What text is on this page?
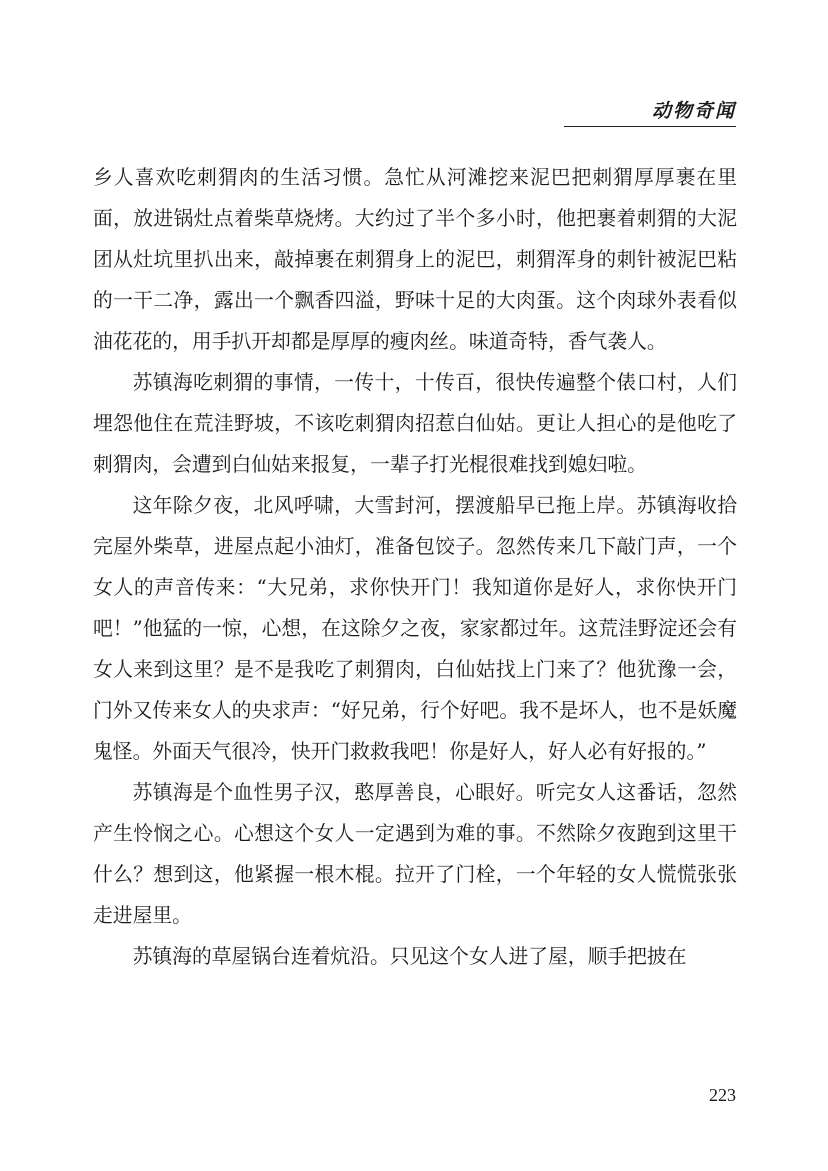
动物奇闻

乡人喜欢吃刺猬肉的生活习惯。急忙从河滩挖来泥巴把刺猬厚厚裹在里面，放进锅灶点着柴草烧烤。大约过了半个多小时，他把裹着刺猬的大泥团从灶坑里扒出来，敲掉裹在刺猬身上的泥巴，刺猬浑身的刺针被泥巴粘的一干二净，露出一个飘香四溢，野味十足的大肉蛋。这个肉球外表看似油花花的，用手扒开却都是厚厚的瘦肉丝。味道奇特，香气袭人。

苏镇海吃刺猬的事情，一传十，十传百，很快传遍整个俵口村，人们埋怨他住在荒洼野坡，不该吃刺猬肉招惹白仙姑。更让人担心的是他吃了刺猬肉，会遭到白仙姑来报复，一辈子打光棍很难找到媳妇啦。

这年除夕夜，北风呼啸，大雪封河，摆渡船早已拖上岸。苏镇海收拾完屋外柴草，进屋点起小油灯，准备包饺子。忽然传来几下敲门声，一个女人的声音传来：“大兄弟，求你快开门！我知道你是好人，求你快开门吧！”他猛的一惊，心想，在这除夕之夜，家家都过年。这荒洼野淀还会有女人来到这里？是不是我吃了刺猬肉，白仙姑找上门来了？他犹豫一会，门外又传来女人的央求声：“好兄弟，行个好吧。我不是坏人，也不是妖魔鬼怪。外面天气很冷，快开门救救我吧！你是好人，好人必有好报的。”

苏镇海是个血性男子汉，憨厚善良，心眼好。听完女人这番话，忽然产生怜悯之心。心想这个女人一定遇到为难的事。不然除夕夜跑到这里干什么？想到这，他紧握一根木棍。拉开了门栓，一个年轻的女人慌慌张张走进屋里。

苏镇海的草屋锅台连着炕沿。只见这个女人进了屋，顺手把披在

223
